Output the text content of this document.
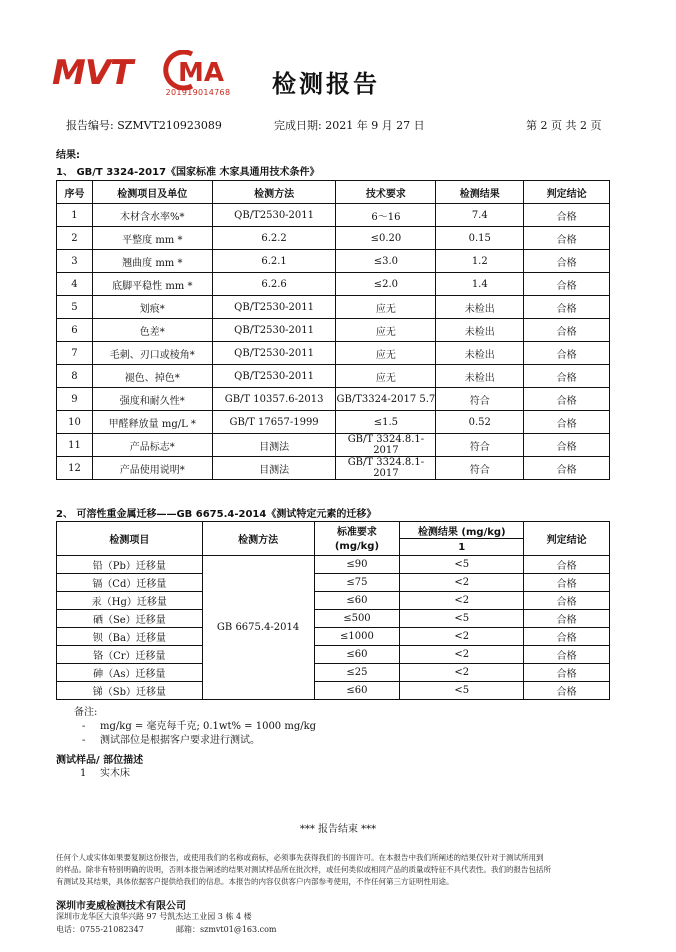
MVT MA
201919014768 检测报告
报告编号: SZMVT210923089	完成日期: 2021 年 9 月 27 日	第 2 页 共 2 页
结果:
1、 GB/T 3324-2017《国家标准 木家具通用技术条件》
序号	检测项目及单位	检测方法	技术要求	检测结果	判定结论
1	木材含水率%*	QB/T2530-2011	6～16	7.4	合格
2	平整度 mm *	6.2.2	≤0.20	0.15	合格
3	翘曲度 mm *	6.2.1	≤3.0	1.2	合格
4	底脚平稳性 mm *	6.2.6	≤2.0	1.4	合格
5	划痕*	QB/T2530-2011	应无	未检出	合格
6	色差*	QB/T2530-2011	应无	未检出	合格
7	毛刺、刃口或棱角*	QB/T2530-2011	应无	未检出	合格
8	褪色、掉色*	QB/T2530-2011	应无	未检出	合格
9	强度和耐久性*	GB/T 10357.6-2013	GB/T3324-2017 5.7	符合	合格
10	甲醛释放量 mg/L *	GB/T 17657-1999	≤1.5	0.52	合格
11	产品标志*	目测法	GB/T 3324.8.1-2017	符合	合格
12	产品使用说明*	目测法	GB/T 3324.8.1-2017	符合	合格
2、 可溶性重金属迁移——GB 6675.4-2014《测试特定元素的迁移》
检测项目	检测方法	标准要求	检测结果 (mg/kg)	判定结论
		(mg/kg)	1	
铅（Pb）迁移量	GB 6675.4-2014	≤90	<5	合格
镉（Cd）迁移量		≤75	<2	合格
汞（Hg）迁移量		≤60	<2	合格
硒（Se）迁移量		≤500	<5	合格
钡（Ba）迁移量		≤1000	<2	合格
铬（Cr）迁移量		≤60	<2	合格
砷（As）迁移量		≤25	<2	合格
锑（Sb）迁移量		≤60	<5	合格
备注:
- mg/kg = 毫克每千克; 0.1wt% = 1000 mg/kg
- 测试部位是根据客户要求进行测试。
测试样品/ 部位描述
1 实木床
*** 报告结束 ***
任何个人或实体如果要复制这份报告，或使用我们的名称或商标，必须事先获得我们的书面许可。在本报告中我们所阐述的结果仅针对于测试所用到
的样品。除非有特别明确的说明，否则本报告阐述的结果对测试样品所在批次样，或任何类似或相同产品的质量或特征不具代表性。我们的报告包括所
有测试及其结果，具体依据客户提供给我们的信息。本报告的内容仅供客户内部参考使用，不作任何第三方证明性用途。
深圳市麦威检测技术有限公司
深圳市龙华区大浪华兴路 97 号凯杰达工业园 3 栋 4 楼
电话：0755-21082347	邮箱：szmvt01@163.com
